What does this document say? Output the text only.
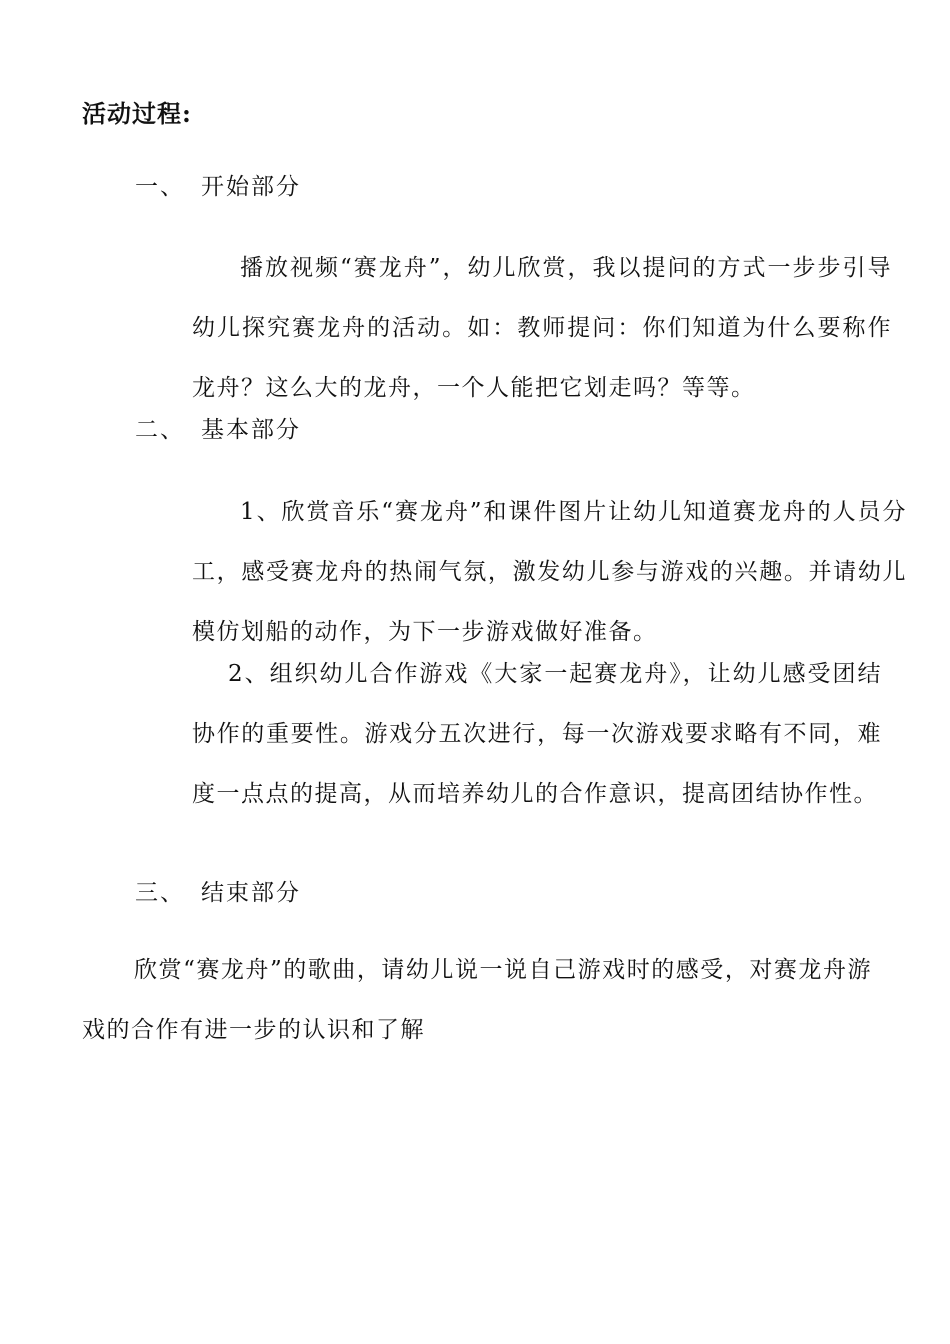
活动过程:
一、 开始部分
播放视频“赛龙舟”，幼儿欣赏，我以提问的方式一步步引导幼儿探究赛龙舟的活动。如：教师提问：你们知道为什么要称作龙舟？这么大的龙舟，一个人能把它划走吗？等等。
二、 基本部分
1、欣赏音乐“赛龙舟”和课件图片让幼儿知道赛龙舟的人员分工，感受赛龙舟的热闹气氛，激发幼儿参与游戏的兴趣。并请幼儿模仿划船的动作，为下一步游戏做好准备。
2、组织幼儿合作游戏《大家一起赛龙舟》，让幼儿感受团结协作的重要性。游戏分五次进行，每一次游戏要求略有不同，难度一点点的提高，从而培养幼儿的合作意识，提高团结协作性。
三、 结束部分
欣赏“赛龙舟”的歌曲，请幼儿说一说自己游戏时的感受，对赛龙舟游戏的合作有进一步的认识和了解
